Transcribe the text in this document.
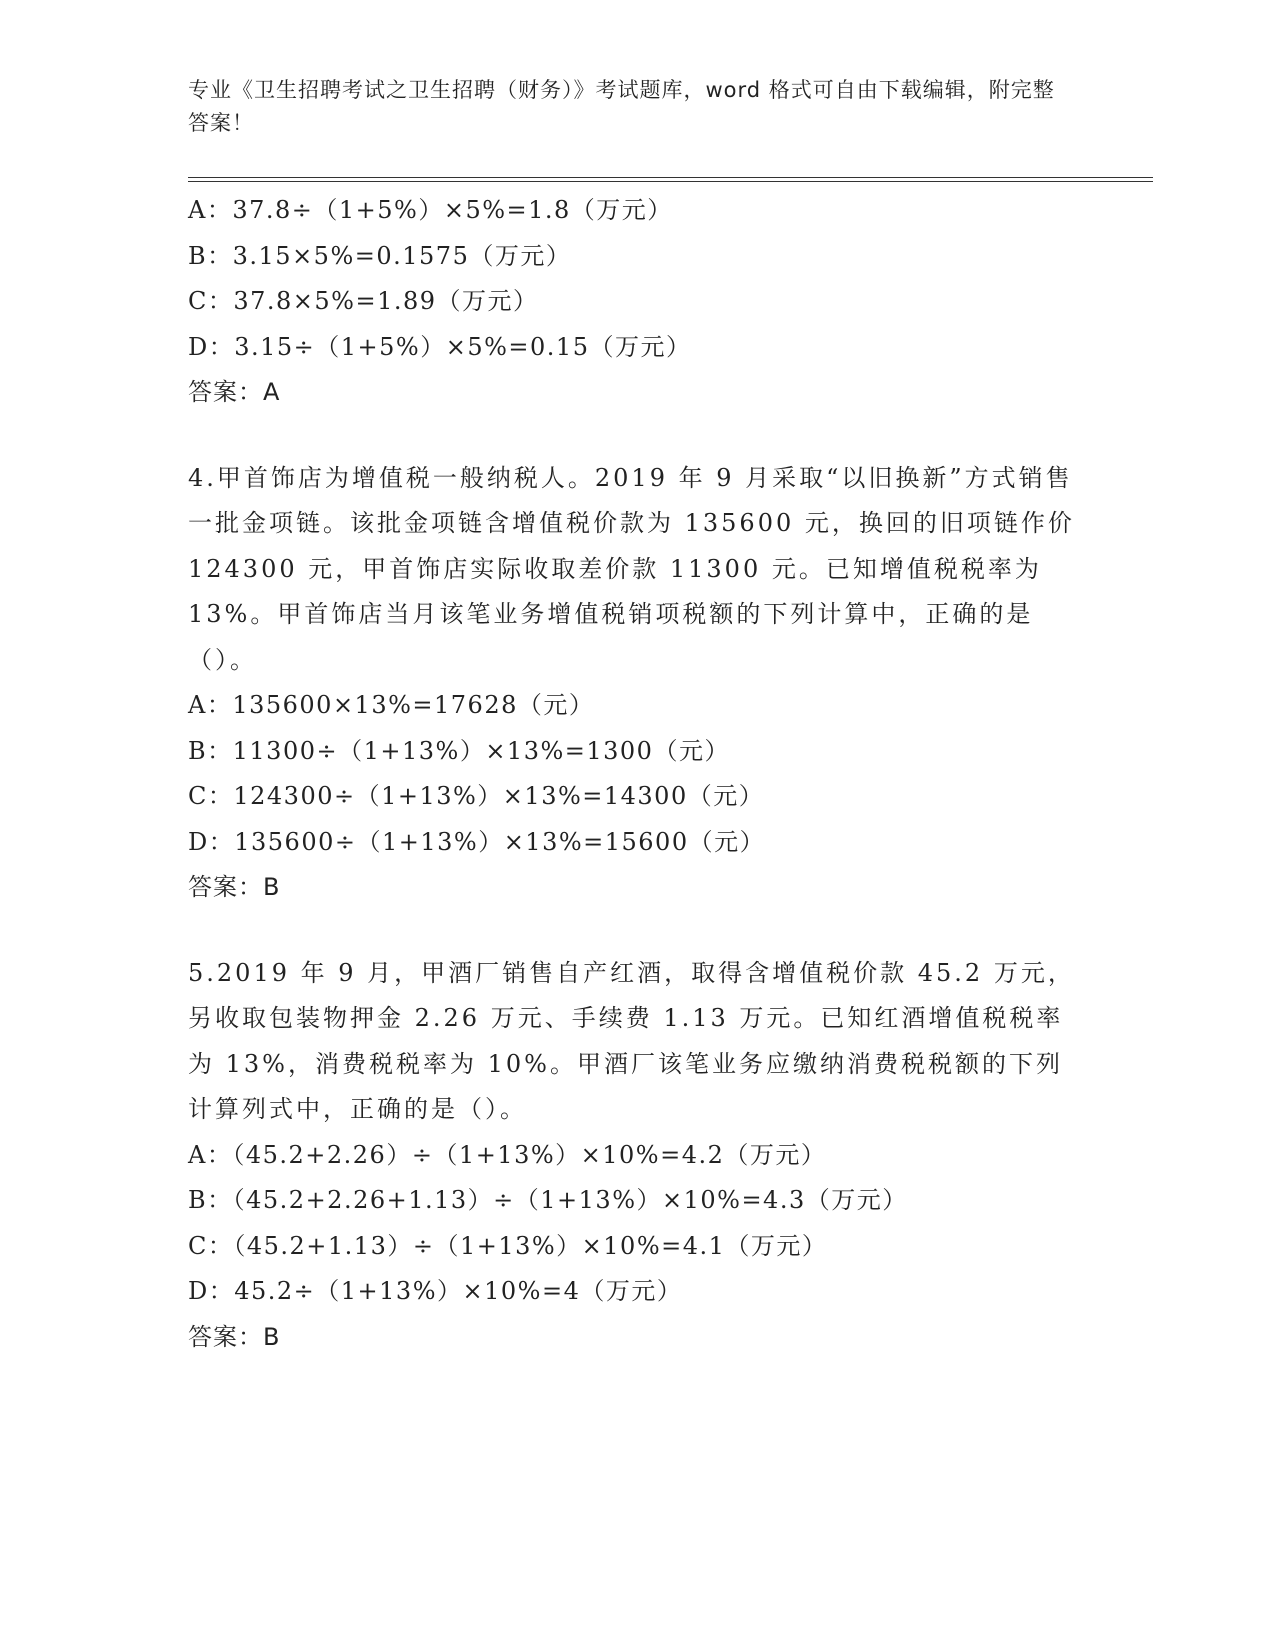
专业《卫生招聘考试之卫生招聘（财务）》考试题库，word 格式可自由下载编辑，附完整答案！
A：37.8÷（1+5%）×5%=1.8（万元）
B：3.15×5%=0.1575（万元）
C：37.8×5%=1.89（万元）
D：3.15÷（1+5%）×5%=0.15（万元）
答案：A
4.甲首饰店为增值税一般纳税人。2019 年 9 月采取“以旧换新”方式销售一批金项链。该批金项链含增值税价款为 135600 元，换回的旧项链作价 124300 元，甲首饰店实际收取差价款 11300 元。已知增值税税率为 13%。甲首饰店当月该笔业务增值税销项税额的下列计算中，正确的是（）。
A：135600×13%=17628（元）
B：11300÷（1+13%）×13%=1300（元）
C：124300÷（1+13%）×13%=14300（元）
D：135600÷（1+13%）×13%=15600（元）
答案：B
5.2019 年 9 月，甲酒厂销售自产红酒，取得含增值税价款 45.2 万元，另收取包装物押金 2.26 万元、手续费 1.13 万元。已知红酒增值税税率为 13%，消费税税率为 10%。甲酒厂该笔业务应缴纳消费税税额的下列计算列式中，正确的是（）。
A：（45.2+2.26）÷（1+13%）×10%=4.2（万元）
B：（45.2+2.26+1.13）÷（1+13%）×10%=4.3（万元）
C：（45.2+1.13）÷（1+13%）×10%=4.1（万元）
D：45.2÷（1+13%）×10%=4（万元）
答案：B
